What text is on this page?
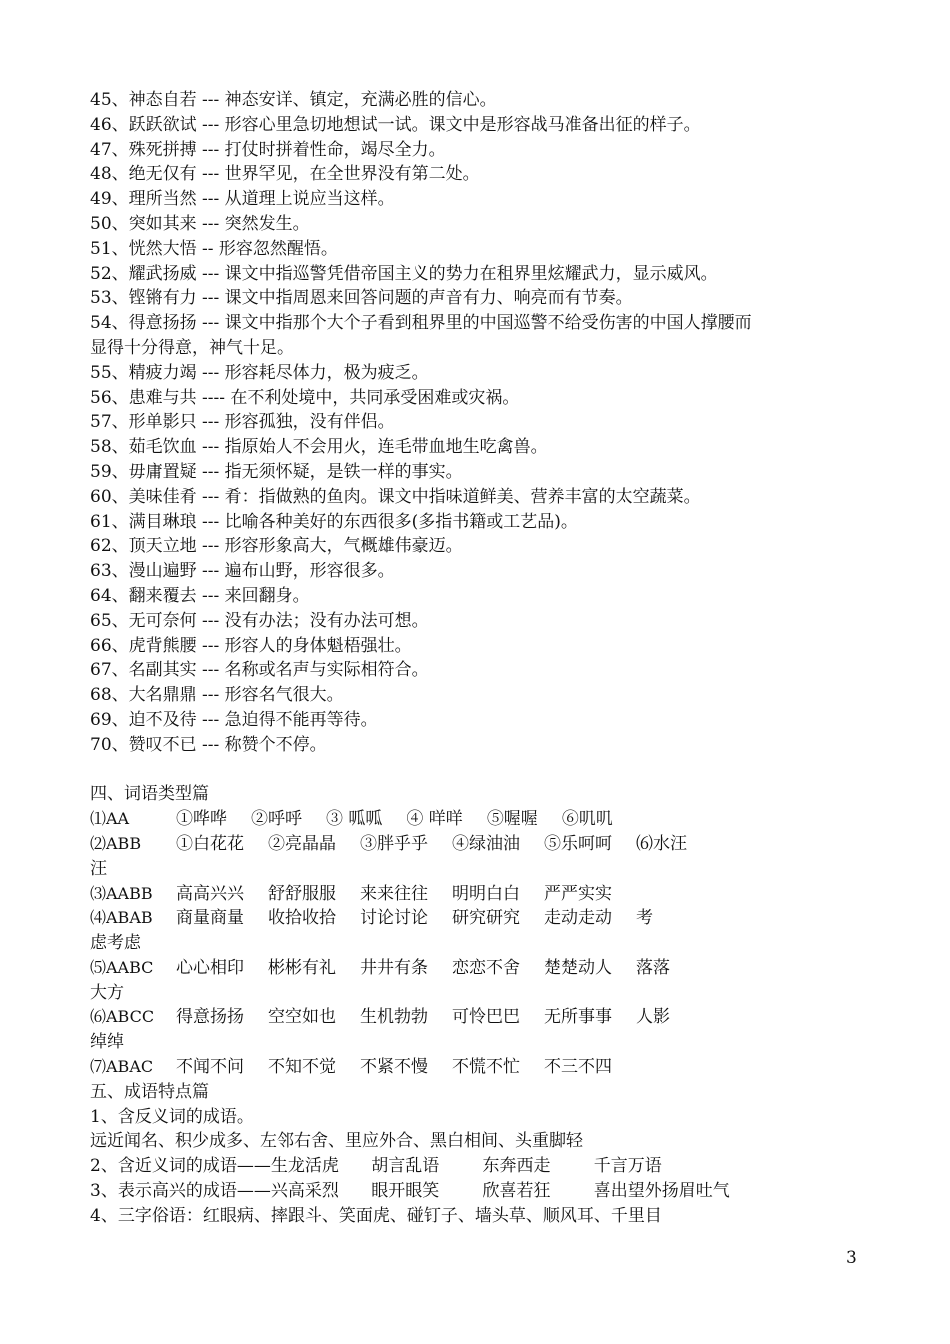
45、神态自若 --- 神态安详、镇定，充满必胜的信心。

46、跃跃欲试 --- 形容心里急切地想试一试。课文中是形容战马准备出征的样子。

47、殊死拼搏 --- 打仗时拼着性命，竭尽全力。

48、绝无仅有 --- 世界罕见，在全世界没有第二处。

49、理所当然 --- 从道理上说应当这样。

50、突如其来 --- 突然发生。

51、恍然大悟 -- 形容忽然醒悟。

52、耀武扬威 --- 课文中指巡警凭借帝国主义的势力在租界里炫耀武力，显示威风。

53、铿锵有力 --- 课文中指周恩来回答问题的声音有力、响亮而有节奏。

54、得意扬扬 --- 课文中指那个大个子看到租界里的中国巡警不给受伤害的中国人撑腰而

显得十分得意，神气十足。

55、精疲力竭 --- 形容耗尽体力，极为疲乏。

56、患难与共 ---- 在不利处境中，共同承受困难或灾祸。

57、形单影只 --- 形容孤独，没有伴侣。

58、茹毛饮血 --- 指原始人不会用火，连毛带血地生吃禽兽。

59、毋庸置疑 --- 指无须怀疑，是铁一样的事实。

60、美味佳肴 --- 肴：指做熟的鱼肉。课文中指味道鲜美、营养丰富的太空蔬菜。

61、满目琳琅 --- 比喻各种美好的东西很多(多指书籍或工艺品)。

62、顶天立地 --- 形容形象高大，气概雄伟豪迈。

63、漫山遍野 --- 遍布山野，形容很多。

64、翻来覆去 --- 来回翻身。

65、无可奈何 --- 没有办法；没有办法可想。

66、虎背熊腰 --- 形容人的身体魁梧强壮。

67、名副其实 --- 名称或名声与实际相符合。

68、大名鼎鼎 --- 形容名气很大。

69、迫不及待 --- 急迫得不能再等待。

70、赞叹不已 --- 称赞个不停。

四、词语类型篇

⑴AA	①哗哗 ②呼呼 ③ 呱呱 ④ 咩咩 ⑤喔喔 ⑥叽叽
⑵ABB	①白花花 ②亮晶晶 ③胖乎乎 ④绿油油 ⑤乐呵呵 ⑹水汪
汪
⑶AABB	高高兴兴 舒舒服服 来来往往 明明白白 严严实实
⑷ABAB	商量商量 收拾收拾 讨论讨论 研究研究 走动走动 考
虑考虑
⑸AABC	心心相印 彬彬有礼 井井有条 恋恋不舍 楚楚动人 落落
大方
⑹ABCC	得意扬扬 空空如也 生机勃勃 可怜巴巴 无所事事 人影
绰绰
⑺ABAC	不闻不问 不知不觉 不紧不慢 不慌不忙 不三不四

五、成语特点篇

1、含反义词的成语。

远近闻名、积少成多、左邻右舍、里应外合、黑白相间、头重脚轻

2、含近义词的成语——生龙活虎      胡言乱语        东奔西走        千言万语

3、表示高兴的成语——兴高采烈      眼开眼笑        欣喜若狂        喜出望外扬眉吐气

4、三字俗语：红眼病、摔跟斗、笑面虎、碰钉子、墙头草、顺风耳、千里目

3
